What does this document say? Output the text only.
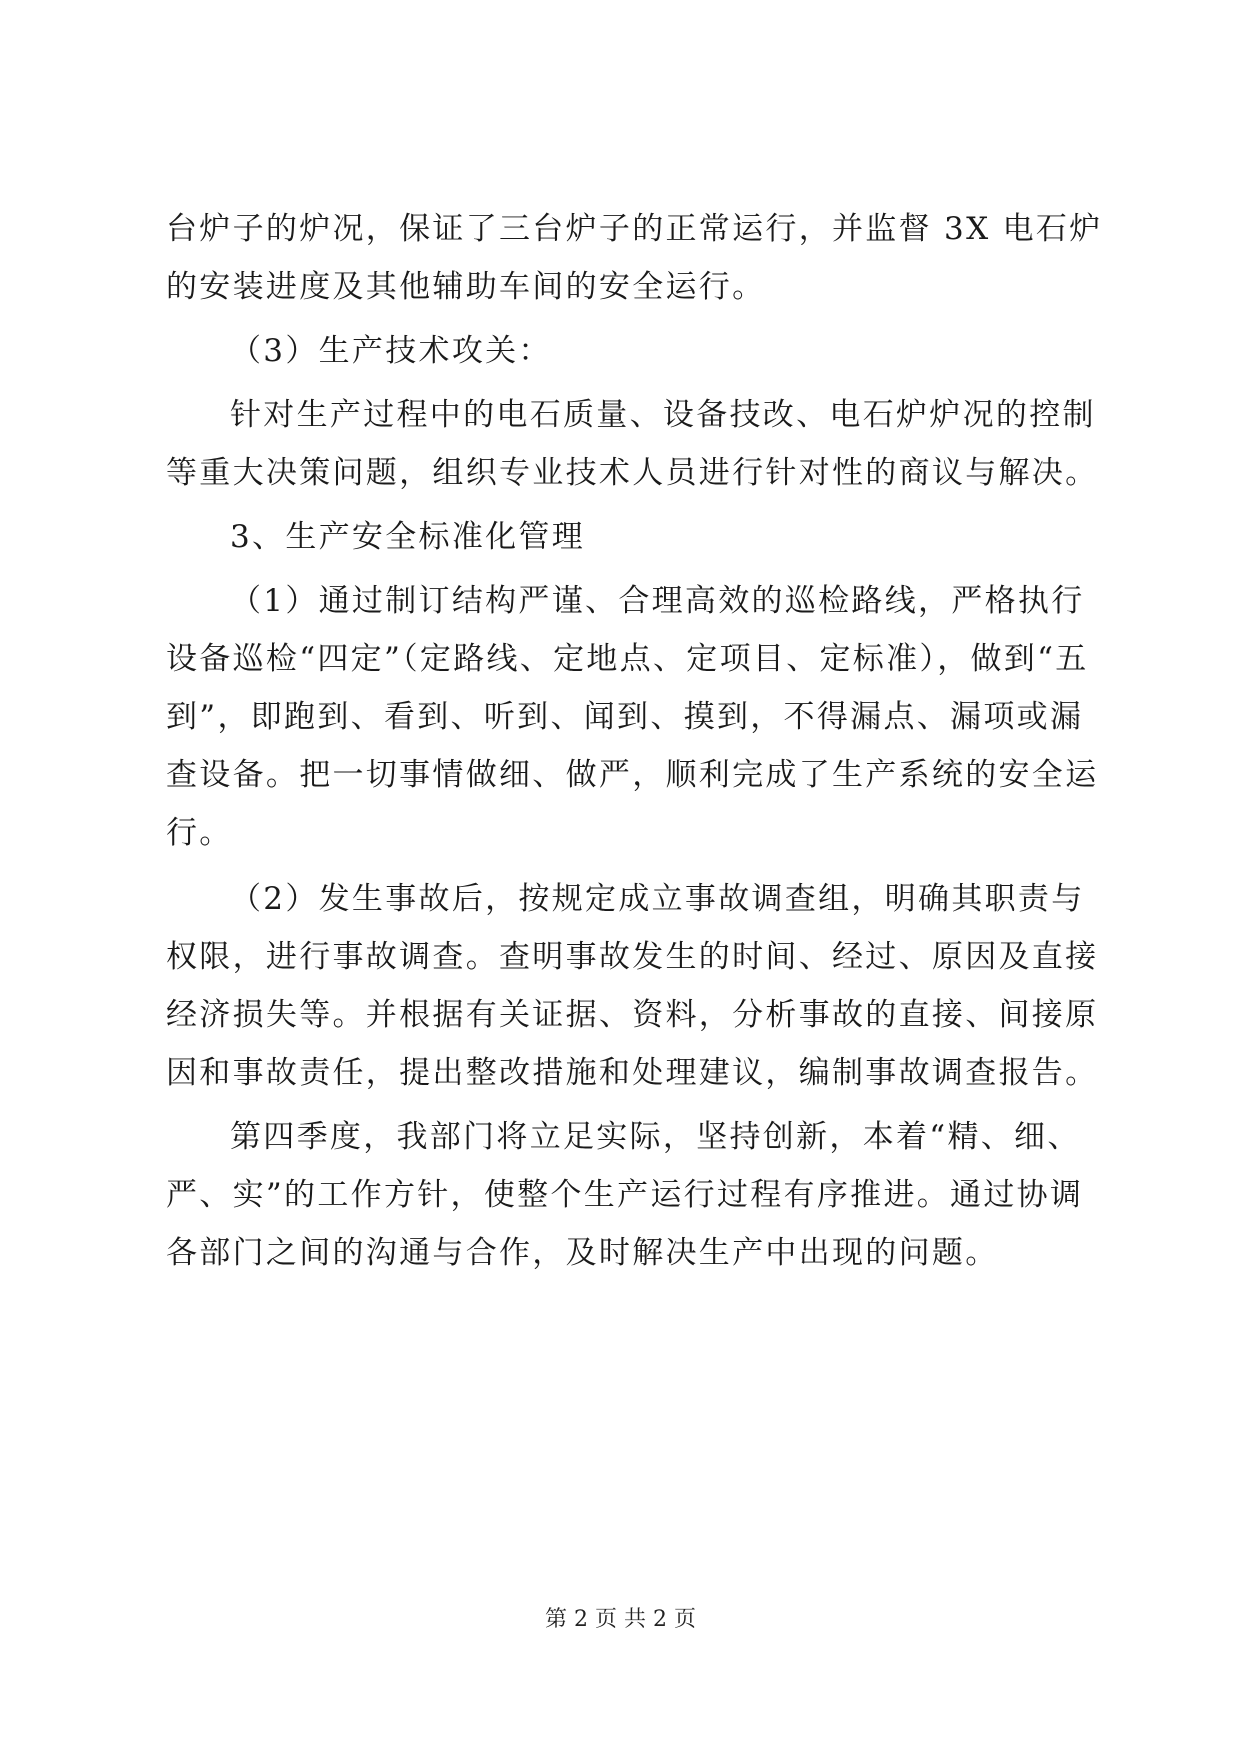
台炉子的炉况，保证了三台炉子的正常运行，并监督 3X 电石炉
的安装进度及其他辅助车间的安全运行。
（3）生产技术攻关：
针对生产过程中的电石质量、设备技改、电石炉炉况的控制
等重大决策问题，组织专业技术人员进行针对性的商议与解决。
3、生产安全标准化管理
（1）通过制订结构严谨、合理高效的巡检路线，严格执行
设备巡检“四定”（定路线、定地点、定项目、定标准），做到“五
到”，即跑到、看到、听到、闻到、摸到，不得漏点、漏项或漏
查设备。把一切事情做细、做严，顺利完成了生产系统的安全运
行。
（2）发生事故后，按规定成立事故调查组，明确其职责与
权限，进行事故调查。查明事故发生的时间、经过、原因及直接
经济损失等。并根据有关证据、资料，分析事故的直接、间接原
因和事故责任，提出整改措施和处理建议，编制事故调查报告。
第四季度，我部门将立足实际，坚持创新，本着“精、细、
严、实”的工作方针，使整个生产运行过程有序推进。通过协调
各部门之间的沟通与合作，及时解决生产中出现的问题。
第 2 页 共 2 页
